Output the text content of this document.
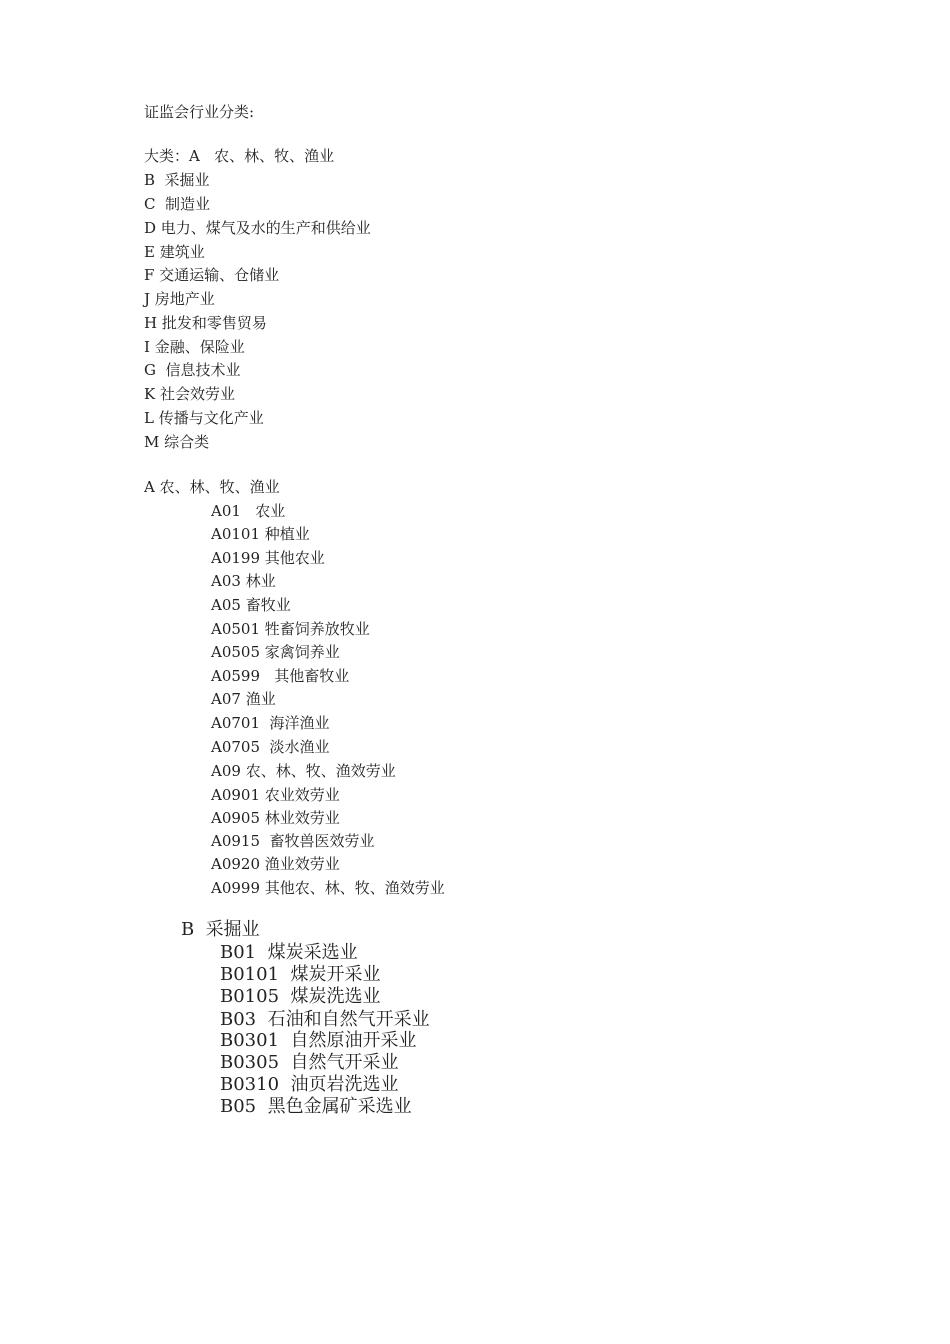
证监会行业分类:
大类：A   农、林、牧、渔业
B  采掘业
C  制造业
D 电力、煤气及水的生产和供给业
E 建筑业
F 交通运输、仓储业
J 房地产业
H 批发和零售贸易
I 金融、保险业
G  信息技术业
K 社会效劳业
L 传播与文化产业
M 综合类
A 农、林、牧、渔业
A01   农业
A0101 种植业
A0199 其他农业
A03 林业
A05 畜牧业
A0501 牲畜饲养放牧业
A0505 家禽饲养业
A0599   其他畜牧业
A07 渔业
A0701  海洋渔业
A0705  淡水渔业
A09 农、林、牧、渔效劳业
A0901 农业效劳业
A0905 林业效劳业
A0915  畜牧兽医效劳业
A0920 渔业效劳业
A0999 其他农、林、牧、渔效劳业
B  采掘业
B01  煤炭采选业
B0101  煤炭开采业
B0105  煤炭洗选业
B03  石油和自然气开采业
B0301  自然原油开采业
B0305  自然气开采业
B0310  油页岩洗选业
B05  黑色金属矿采选业
